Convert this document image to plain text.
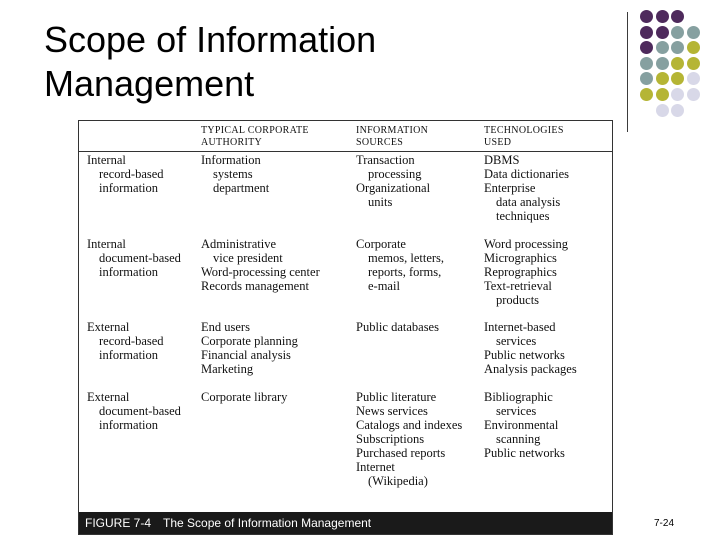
Scope of Information
Management
TYPICAL CORPORATE
AUTHORITY
INFORMATION
SOURCES
TECHNOLOGIES
USED
FIGURE 7-4 The Scope of Information Management
Internal
record-based
information
Information
systems
department
Transaction
processing
Organizational
units
DBMS
Data dictionaries
Enterprise
data analysis
techniques
Internal
document-based
information
Administrative
vice president
Word-processing center
Records management
Corporate
memos, letters,
reports, forms,
e-mail
Word processing
Micrographics
Reprographics
Text-retrieval
products
External
record-based
information
End users
Corporate planning
Financial analysis
Marketing
Public databases	Internet-based
services
Public networks
Analysis packages
External
document-based
information
Corporate library	Public literature
News services
Catalogs and indexes
Subscriptions
Purchased reports
Internet
(Wikipedia)
Bibliographic
services
Environmental
scanning
Public networks
7-24
